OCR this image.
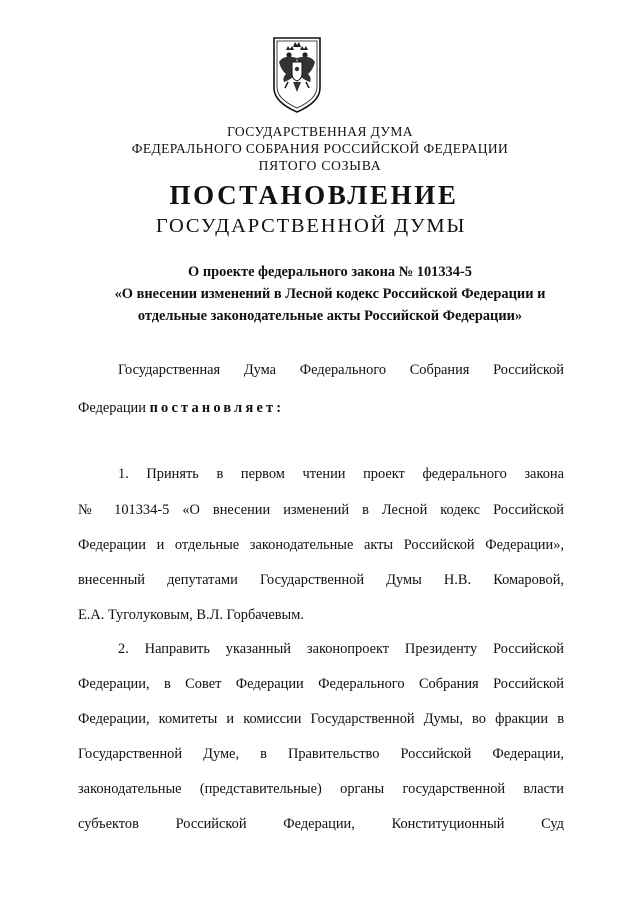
ГОСУДАРСТВЕННАЯ ДУМА
ФЕДЕРАЛЬНОГО СОБРАНИЯ РОССИЙСКОЙ ФЕДЕРАЦИИ
ПЯТОГО СОЗЫВА
ПОСТАНОВЛЕНИЕ
ГОСУДАРСТВЕННОЙ ДУМЫ
О проекте федерального закона № 101334-5
«О внесении изменений в Лесной кодекс Российской Федерации и
отдельные законодательные акты Российской Федерации»
Государственная Дума Федерального Собрания Российской
Федерации постановляет:
1. Принять в первом чтении проект федерального закона
№ 101334-5 «О внесении изменений в Лесной кодекс Российской
Федерации и отдельные законодательные акты Российской Федерации»,
внесенный депутатами Государственной Думы Н.В. Комаровой,
Е.А. Туголуковым, В.Л. Горбачевым.
2. Направить указанный законопроект Президенту Российской
Федерации, в Совет Федерации Федерального Собрания Российской
Федерации, комитеты и комиссии Государственной Думы, во фракции в
Государственной Думе, в Правительство Российской Федерации,
законодательные (представительные) органы государственной власти
субъектов Российской Федерации, Конституционный Суд
